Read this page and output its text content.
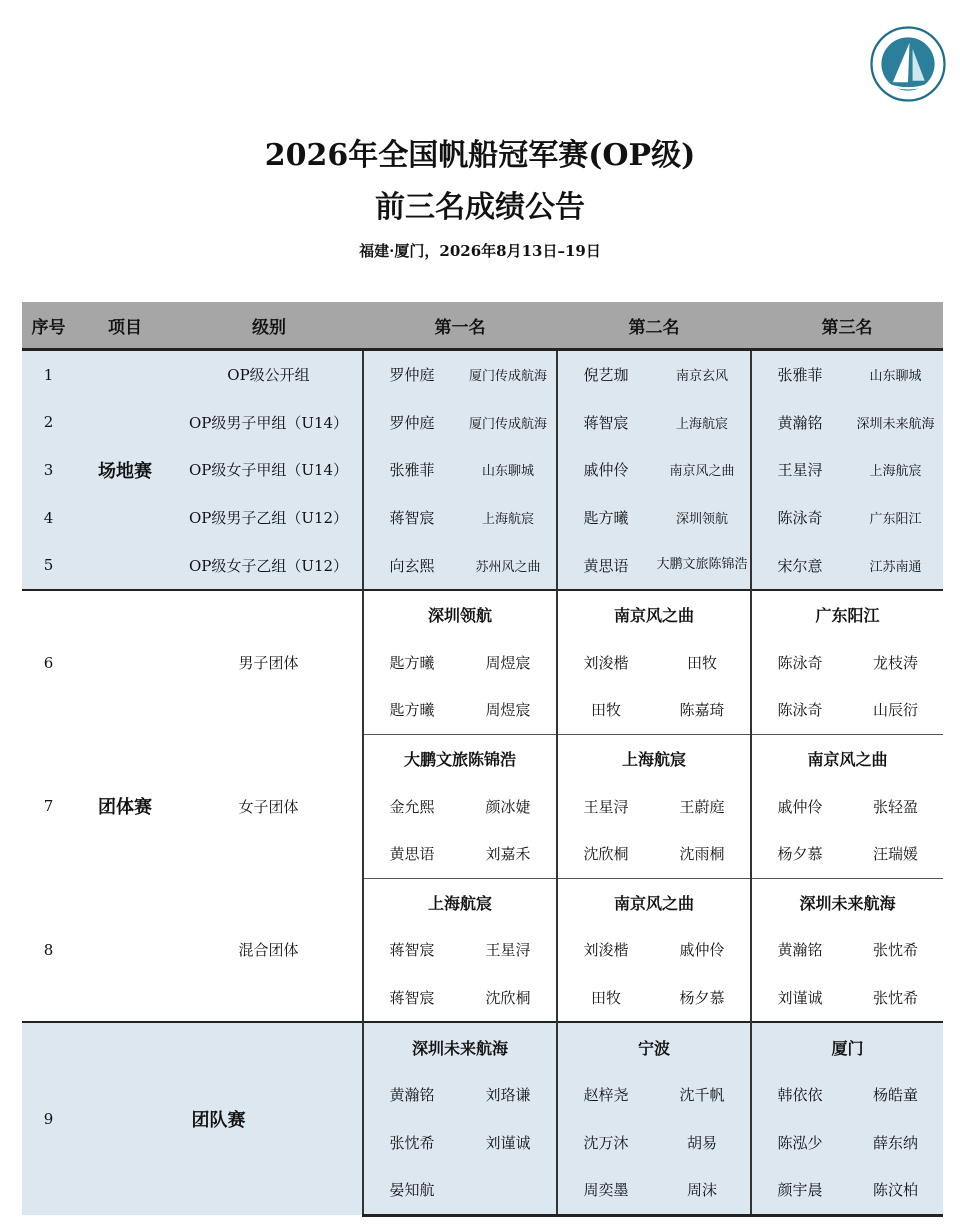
2026年全国帆船冠军赛(OP级)
前三名成绩公告
福建·厦门，2026年8月13日–19日
序号	项目	级别	第一名		第二名		第三名	
1	场地赛	OP级公开组	罗仲庭	厦门传成航海	倪艺珈	南京玄风	张雅菲	山东聊城
2		OP级男子甲组（U14）	罗仲庭	厦门传成航海	蒋智宸	上海航宸	黄瀚铭	深圳未来航海
3		OP级女子甲组（U14）	张雅菲	山东聊城	戚仲伶	南京风之曲	王星浔	上海航宸
4		OP级男子乙组（U12）	蒋智宸	上海航宸	匙方曦	深圳领航	陈泳奇	广东阳江
5		OP级女子乙组（U12）	向玄熙	苏州风之曲	黄思语	大鹏文旅陈锦浩	宋尔意	江苏南通
6	团体赛	男子团体	深圳领航		南京风之曲		广东阳江	
			匙方曦	周煜宸	刘浚楷	田牧	陈泳奇	龙枝涛
			匙方曦	周煜宸	田牧	陈嘉琦	陈泳奇	山辰衍
7		女子团体	大鹏文旅陈锦浩		上海航宸		南京风之曲	
			金允熙	颜冰婕	王星浔	王蔚庭	戚仲伶	张轻盈
			黄思语	刘嘉禾	沈欣桐	沈雨桐	杨夕慕	汪瑞媛
8		混合团体	上海航宸		南京风之曲		深圳未来航海	
			蒋智宸	王星浔	刘浚楷	戚仲伶	黄瀚铭	张忱希
			蒋智宸	沈欣桐	田牧	杨夕慕	刘谨诚	张忱希
9	团队赛		深圳未来航海		宁波		厦门	
			黄瀚铭	刘珞谦	赵梓尧	沈千帆	韩依依	杨皓童
			张忱希	刘谨诚	沈万沐	胡易	陈泓少	薛东纳
			晏知航		周奕墨	周沫	颜宇晨	陈汶柏
